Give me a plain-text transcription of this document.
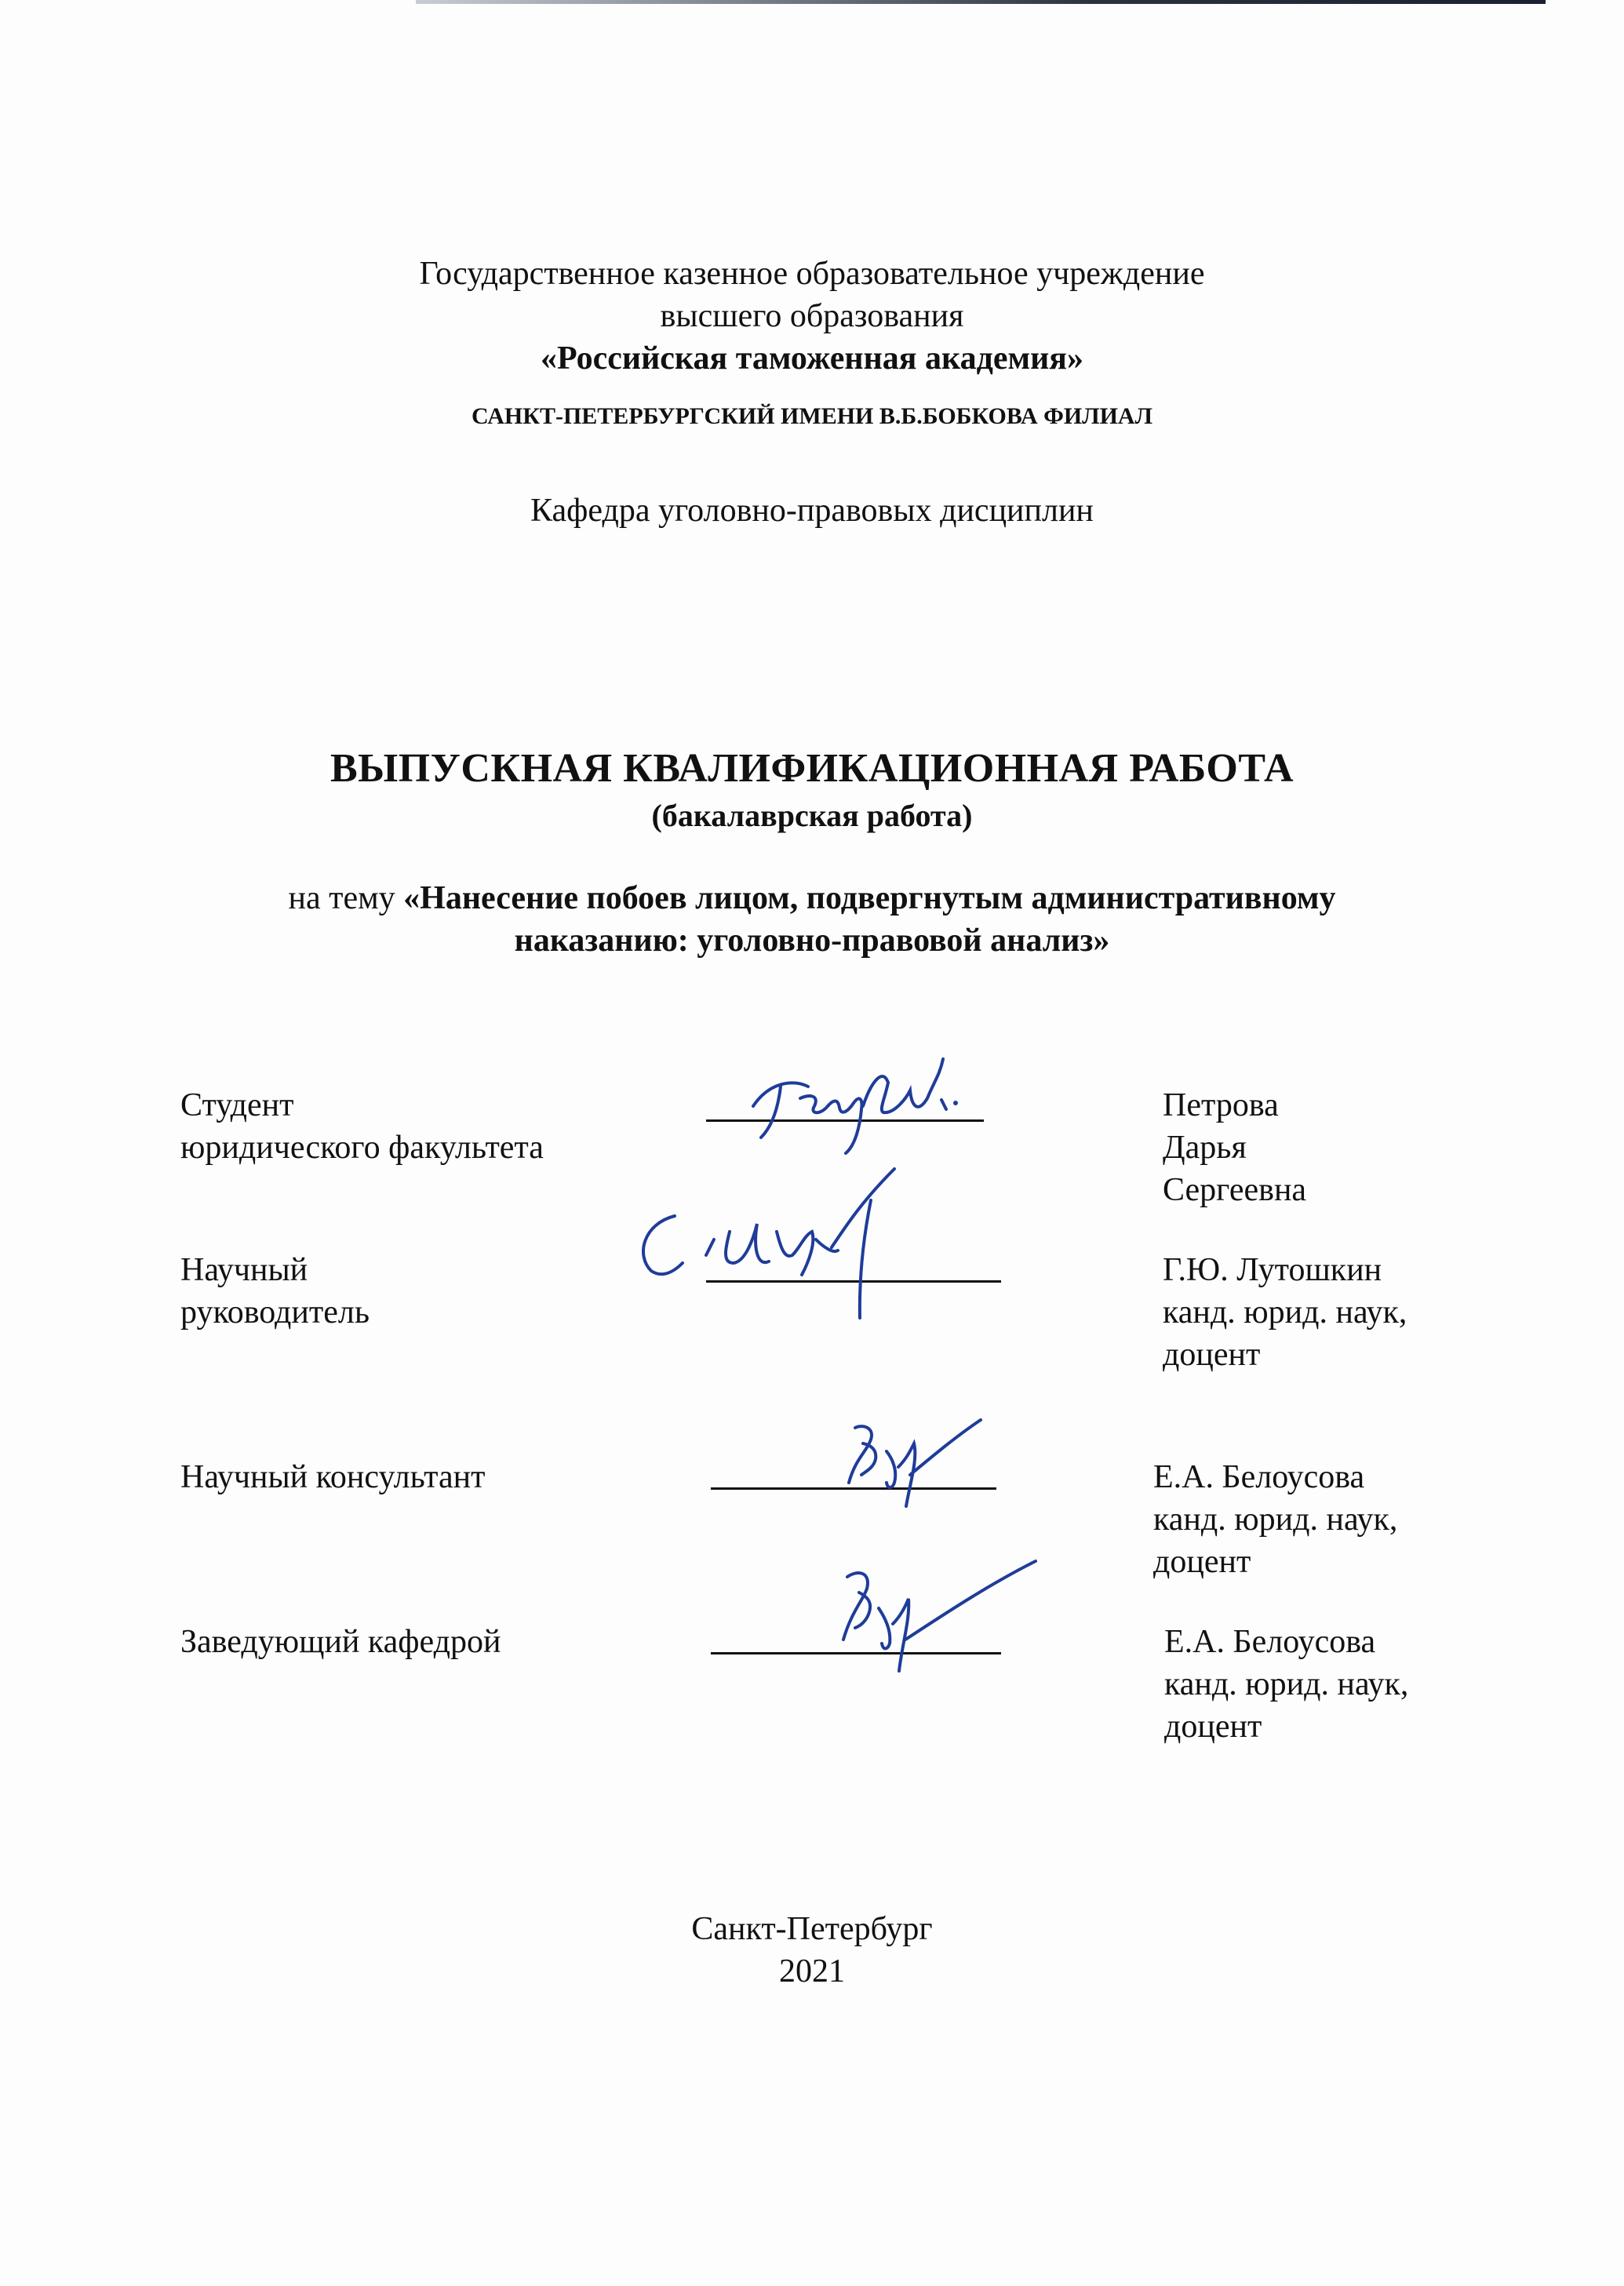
Государственное казенное образовательное учреждение
высшего образования
«Российская таможенная академия»
САНКТ-ПЕТЕРБУРГСКИЙ ИМЕНИ В.Б.БОБКОВА ФИЛИАЛ
Кафедра уголовно-правовых дисциплин
ВЫПУСКНАЯ КВАЛИФИКАЦИОННАЯ РАБОТА
(бакалаврская работа)
на тему «Нанесение побоев лицом, подвергнутым административному
наказанию: уголовно-правовой анализ»
Студент
юридического факультета
Петрова
Дарья
Сергеевна
Научный
руководитель
Г.Ю. Лутошкин
канд. юрид. наук,
доцент
Научный консультант	Е.А. Белоусова
канд. юрид. наук,
доцент
Заведующий кафедрой	Е.А. Белоусова
канд. юрид. наук,
доцент
Санкт-Петербург
2021
